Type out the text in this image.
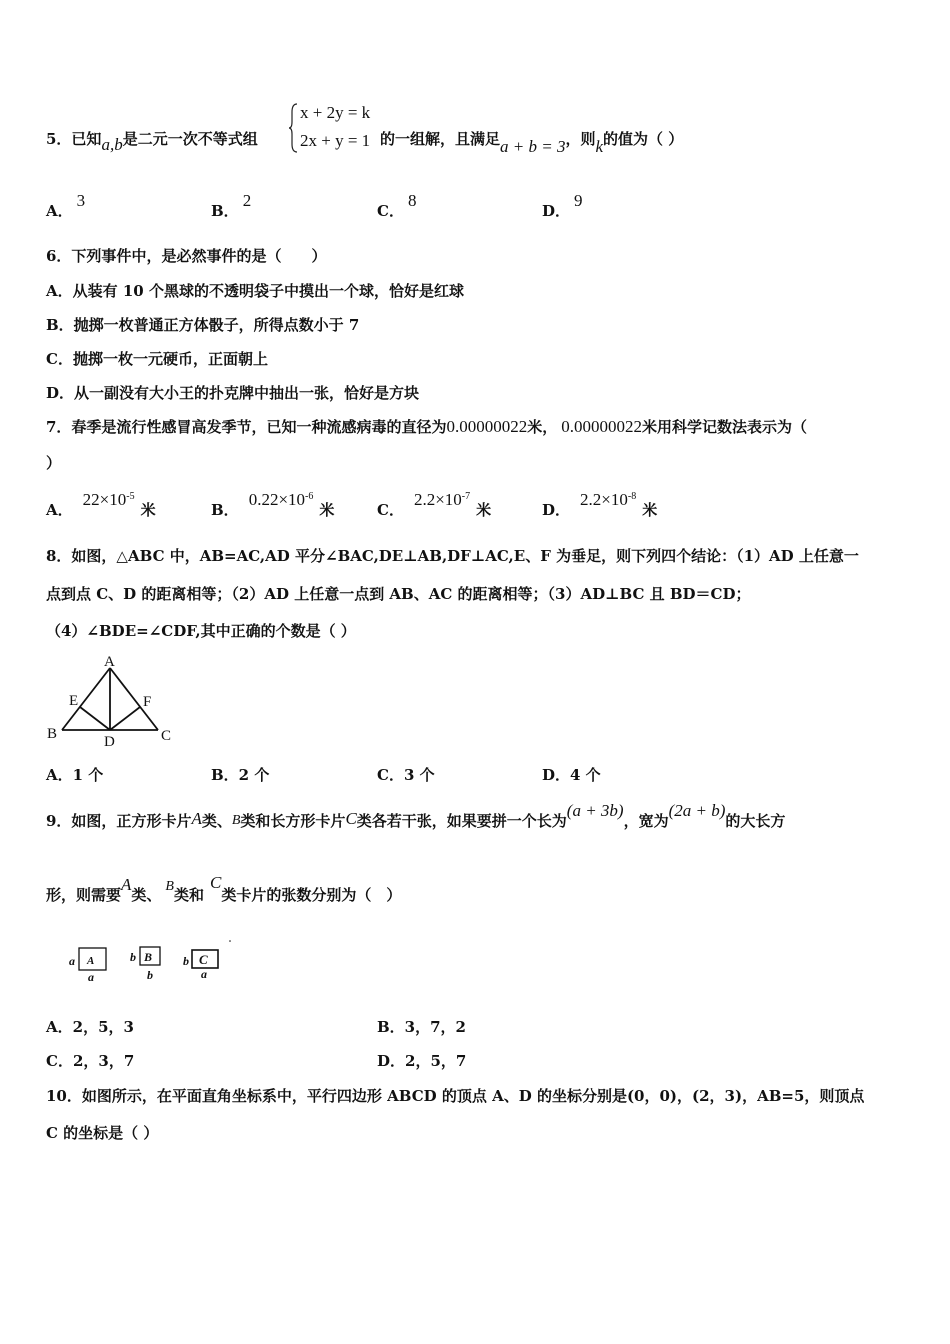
5．已知a,b是二元一次不等式组
x + 2y = k
2x + y = 1 的一组解，且满足a + b = 3，则k的值为（ ）
A．3
B．2
C．8
D．9
6．下列事件中，是必然事件的是（　　）
A．从装有 10 个黑球的不透明袋子中摸出一个球，恰好是红球
B．抛掷一枚普通正方体骰子，所得点数小于 7
C．抛掷一枚一元硬币，正面朝上
D．从一副没有大小王的扑克牌中抽出一张，恰好是方块
7．春季是流行性感冒高发季节，已知一种流感病毒的直径为0.00000022米， 0.00000022米用科学记数法表示为（
）
A．$22\times 10^{-5}$米	B．$0.22\times 10^{-6}$米	C．$2.2\times 10^{-7}$米	D．$2.2\times 10^{-8}$米
8．如图，△ABC 中，AB=AC,AD 平分∠BAC,DE⊥AB,DF⊥AC,E、F 为垂足，则下列四个结论：（1）AD 上任意一
点到点 C、D 的距离相等；（2）AD 上任意一点到 AB、AC 的距离相等；（3）AD⊥BC 且 BD＝CD；
（4）∠BDE=∠CDF,其中正确的个数是（ ）
A
B	C
D
E	F
A．1 个	B．2 个	C．3 个	D．4 个
9．如图，正方形卡片A类、B类和长方形卡片C类各若干张，如果要拼一个长为(a + 3b)，宽为(2a + b)的大长方
形，则需要A类、 B类和C类卡片的张数分别为（　）
a A
a
b B
b
b C
a
A．2，5，3	B．3，7，2
C．2，3，7	D．2，5，7
10．如图所示，在平面直角坐标系中，平行四边形 ABCD 的顶点 A、D 的坐标分别是(0，0)，(2，3)，AB=5，则顶点
C 的坐标是（ ）
